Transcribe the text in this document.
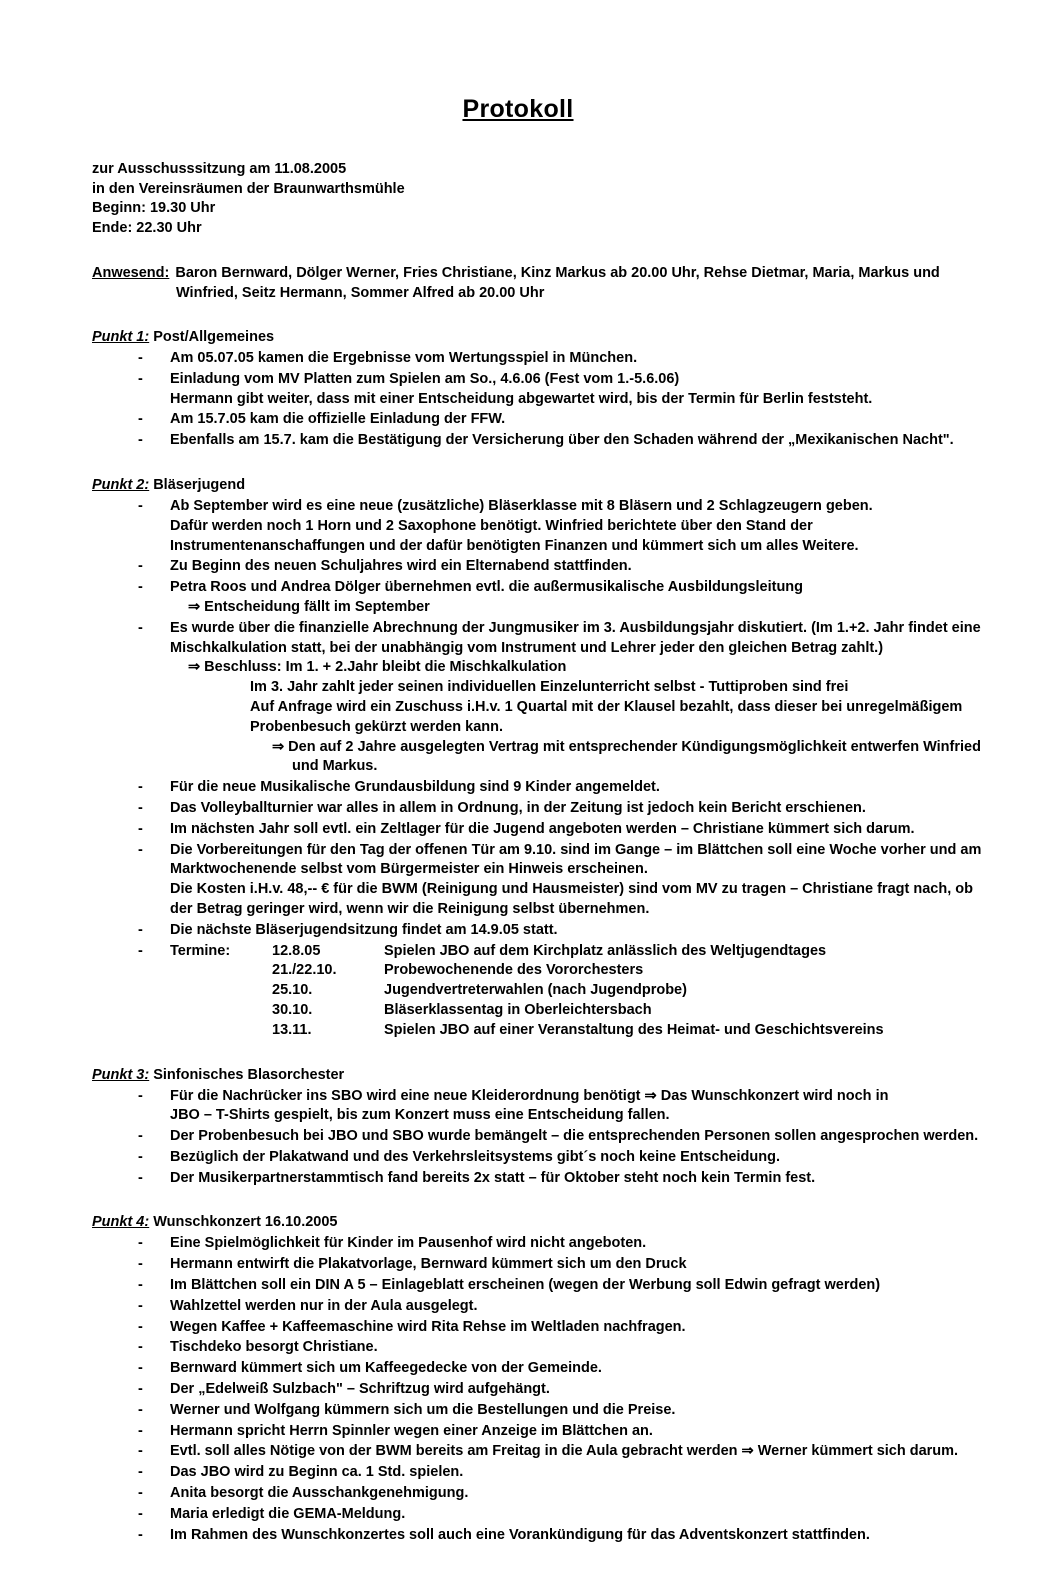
Protokoll
zur Ausschusssitzung am 11.08.2005
in den Vereinsräumen der Braunwarthsmühle
Beginn: 19.30 Uhr
Ende: 22.30 Uhr
Anwesend: Baron Bernward, Dölger Werner, Fries Christiane, Kinz Markus ab 20.00 Uhr, Rehse Dietmar, Maria, Markus und
Winfried, Seitz Hermann, Sommer Alfred ab 20.00 Uhr
Punkt 1: Post/Allgemeines
- Am 05.07.05 kamen die Ergebnisse vom Wertungsspiel in München.
- Einladung vom MV Platten zum Spielen am So., 4.6.06 (Fest vom 1.-5.6.06)
Hermann gibt weiter, dass mit einer Entscheidung abgewartet wird, bis der Termin für Berlin feststeht.
- Am 15.7.05 kam die offizielle Einladung der FFW.
- Ebenfalls am 15.7. kam die Bestätigung der Versicherung über den Schaden während der „Mexikanischen Nacht".
Punkt 2: Bläserjugend
- Ab September wird es eine neue (zusätzliche) Bläserklasse mit 8 Bläsern und 2 Schlagzeugern geben.
Dafür werden noch 1 Horn und 2 Saxophone benötigt. Winfried berichtete über den Stand der
Instrumentenanschaffungen und der dafür benötigten Finanzen und kümmert sich um alles Weitere.
- Zu Beginn des neuen Schuljahres wird ein Elternabend stattfinden.
- Petra Roos und Andrea Dölger übernehmen evtl. die außermusikalische Ausbildungsleitung
⇒ Entscheidung fällt im September
- Es wurde über die finanzielle Abrechnung der Jungmusiker im 3. Ausbildungsjahr diskutiert. (Im 1.+2. Jahr findet eine
Mischkalkulation statt, bei der unabhängig vom Instrument und Lehrer jeder den gleichen Betrag zahlt.)
⇒ Beschluss: Im 1. + 2.Jahr bleibt die Mischkalkulation
Im 3. Jahr zahlt jeder seinen individuellen Einzelunterricht selbst - Tuttiproben sind frei
Auf Anfrage wird ein Zuschuss i.H.v. 1 Quartal mit der Klausel bezahlt, dass dieser bei unregelmäßigem
Probenbesuch gekürzt werden kann.
⇒ Den auf 2 Jahre ausgelegten Vertrag mit entsprechender Kündigungsmöglichkeit entwerfen Winfried
und Markus.
- Für die neue Musikalische Grundausbildung sind 9 Kinder angemeldet.
- Das Volleyballturnier war alles in allem in Ordnung, in der Zeitung ist jedoch kein Bericht erschienen.
- Im nächsten Jahr soll evtl. ein Zeltlager für die Jugend angeboten werden – Christiane kümmert sich darum.
- Die Vorbereitungen für den Tag der offenen Tür am 9.10. sind im Gange – im Blättchen soll eine Woche vorher und am
Marktwochenende selbst vom Bürgermeister ein Hinweis erscheinen.
Die Kosten i.H.v. 48,-- € für die BWM (Reinigung und Hausmeister) sind vom MV zu tragen – Christiane fragt nach, ob
der Betrag geringer wird, wenn wir die Reinigung selbst übernehmen.
- Die nächste Bläserjugendsitzung findet am 14.9.05 statt.
- Termine:	12.8.05	Spielen JBO auf dem Kirchplatz anlässlich des Weltjugendtages
21./22.10.	Probewochenende des Vororchesters
25.10.	Jugendvertreterwahlen (nach Jugendprobe)
30.10.	Bläserklassentag in Oberleichtersbach
13.11.	Spielen JBO auf einer Veranstaltung des Heimat- und Geschichtsvereins
Punkt 3: Sinfonisches Blasorchester
- Für die Nachrücker ins SBO wird eine neue Kleiderordnung benötigt ⇒ Das Wunschkonzert wird noch in
JBO – T-Shirts gespielt, bis zum Konzert muss eine Entscheidung fallen.
- Der Probenbesuch bei JBO und SBO wurde bemängelt – die entsprechenden Personen sollen angesprochen werden.
- Bezüglich der Plakatwand und des Verkehrsleitsystems gibt´s noch keine Entscheidung.
- Der Musikerpartnerstammtisch fand bereits 2x statt – für Oktober steht noch kein Termin fest.
Punkt 4: Wunschkonzert 16.10.2005
- Eine Spielmöglichkeit für Kinder im Pausenhof wird nicht angeboten.
- Hermann entwirft die Plakatvorlage, Bernward kümmert sich um den Druck
- Im Blättchen soll ein DIN A 5 – Einlageblatt erscheinen (wegen der Werbung soll Edwin gefragt werden)
- Wahlzettel werden nur in der Aula ausgelegt.
- Wegen Kaffee + Kaffeemaschine wird Rita Rehse im Weltladen nachfragen.
- Tischdeko besorgt Christiane.
- Bernward kümmert sich um Kaffeegedecke von der Gemeinde.
- Der „Edelweiß Sulzbach" – Schriftzug wird aufgehängt.
- Werner und Wolfgang kümmern sich um die Bestellungen und die Preise.
- Hermann spricht Herrn Spinnler wegen einer Anzeige im Blättchen an.
- Evtl. soll alles Nötige von der BWM bereits am Freitag in die Aula gebracht werden ⇒ Werner kümmert sich darum.
- Das JBO wird zu Beginn ca. 1 Std. spielen.
- Anita besorgt die Ausschankgenehmigung.
- Maria erledigt die GEMA-Meldung.
- Im Rahmen des Wunschkonzertes soll auch eine Vorankündigung für das Adventskonzert stattfinden.
